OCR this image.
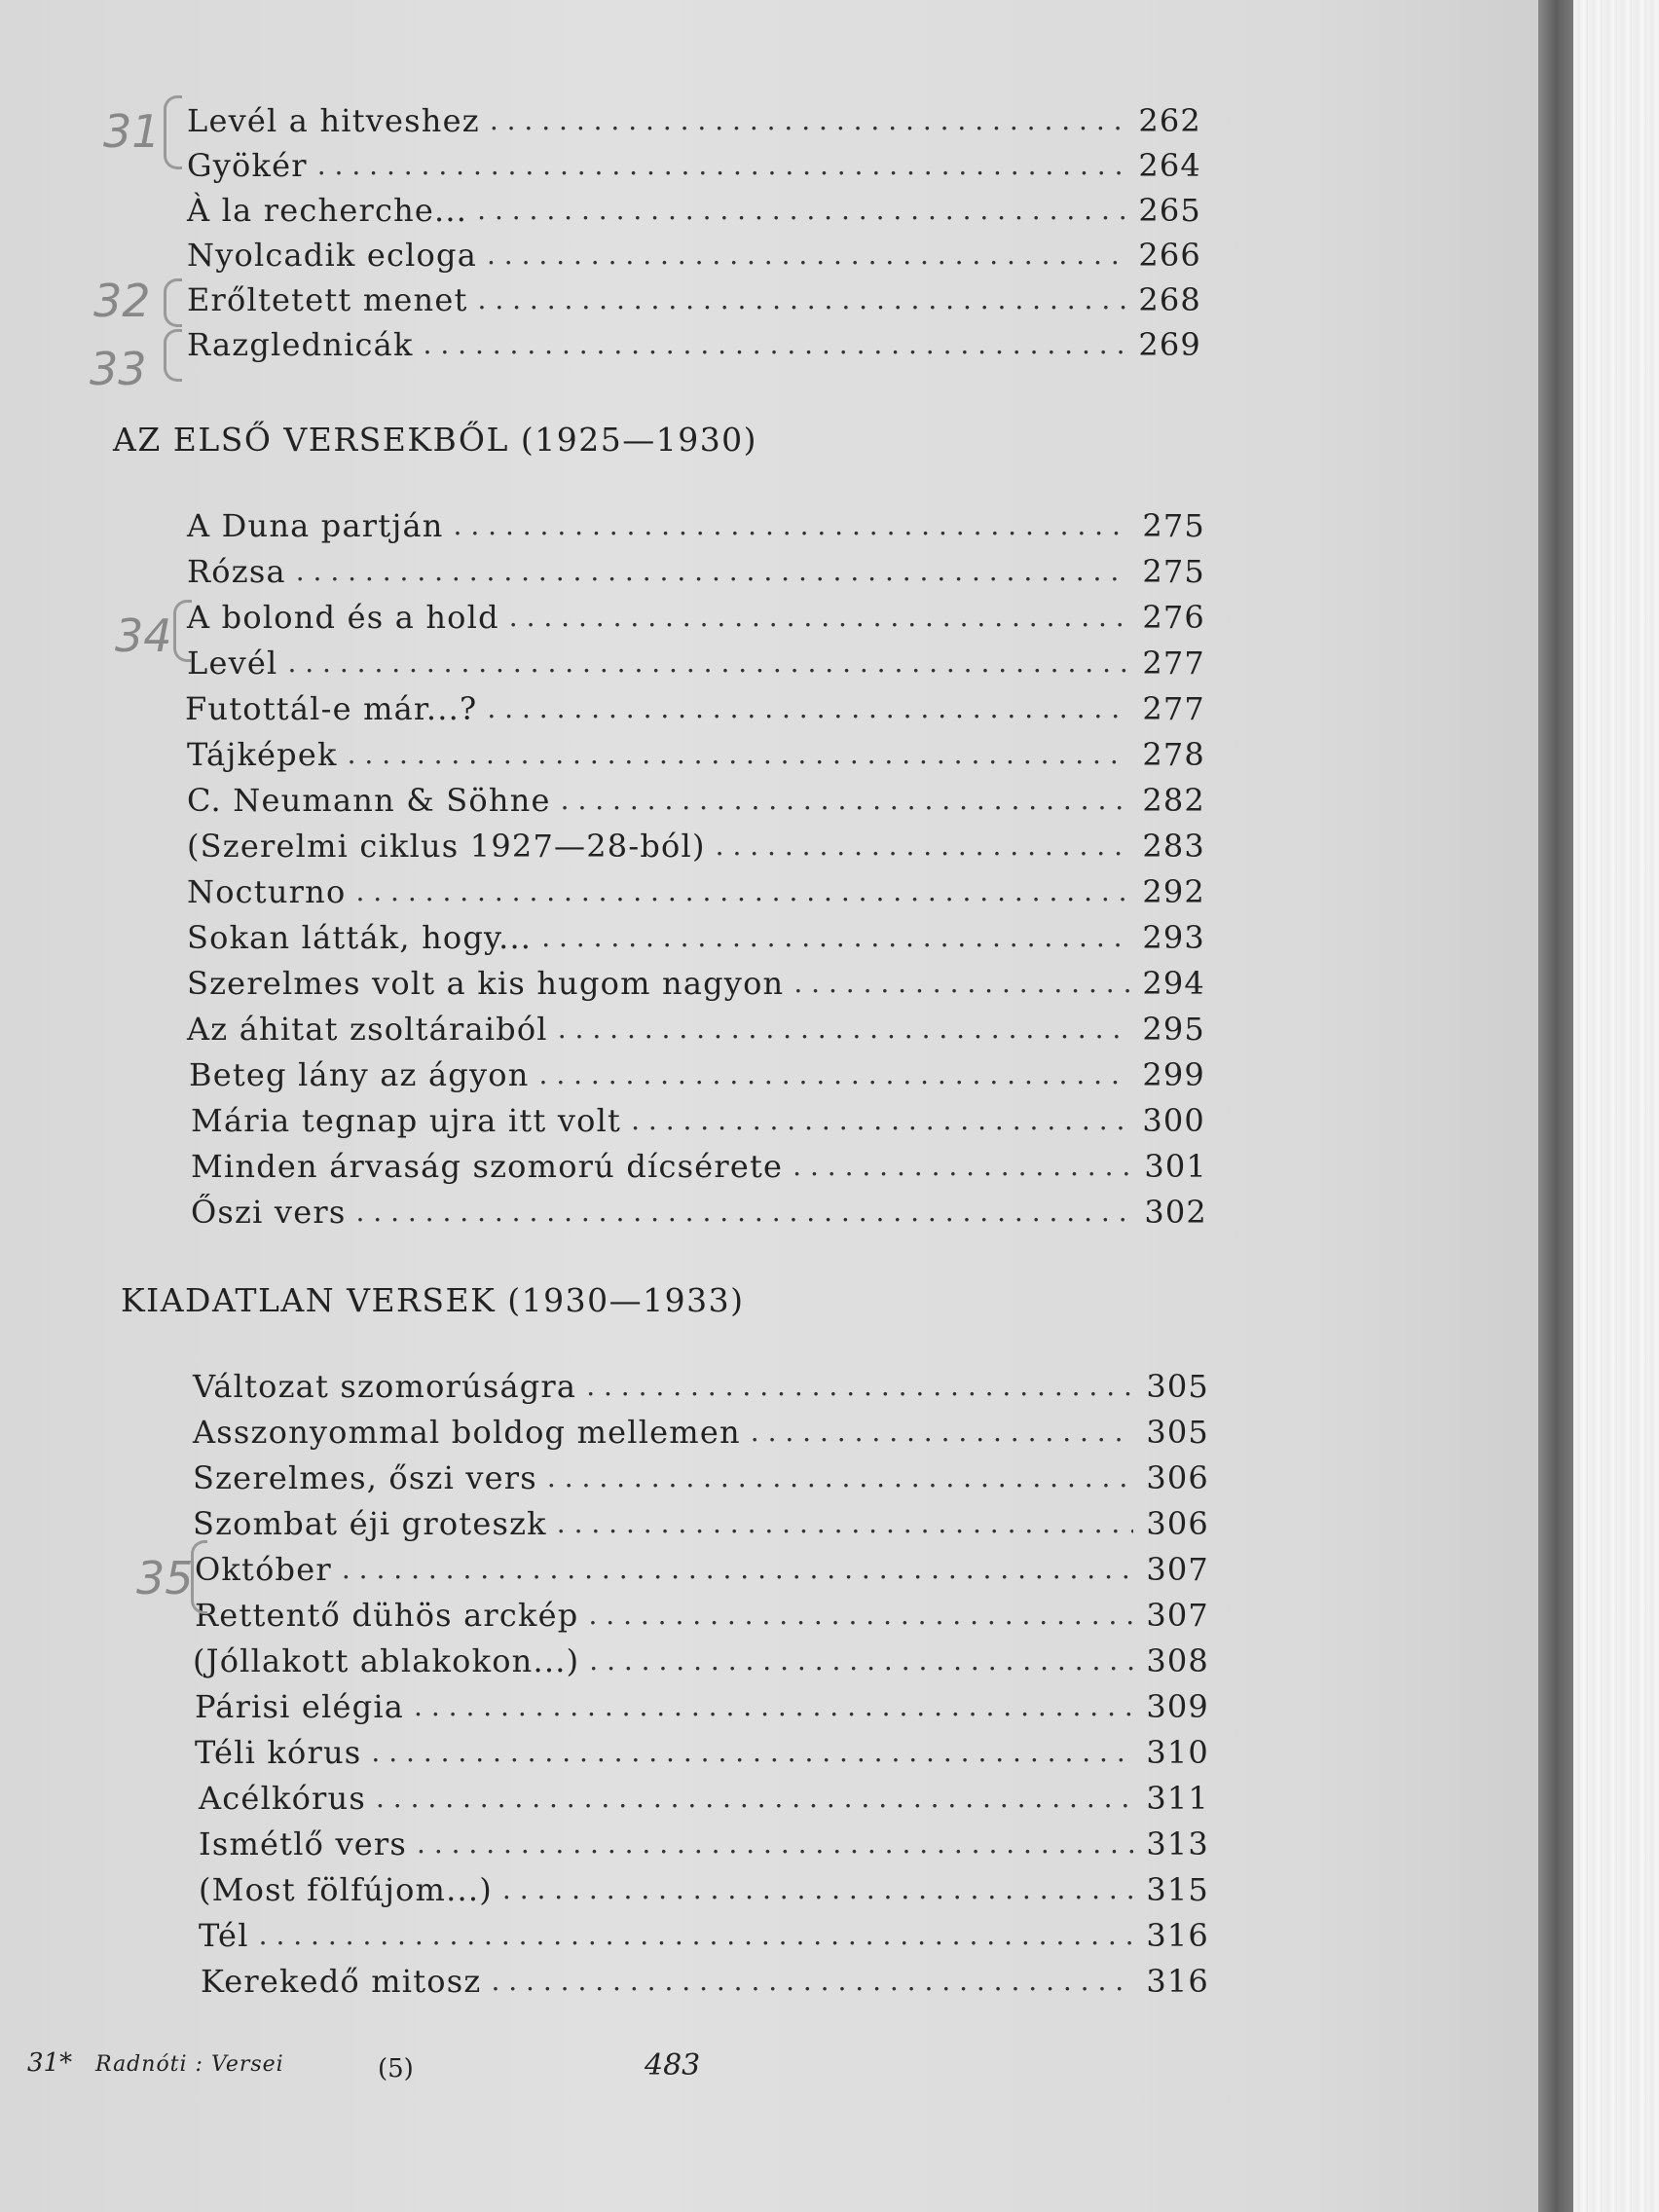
Levél a hitveshez . . .	262
Gyökér . . .	264
À la recherche... . . .	265
Nyolcadik ecloga . . .	266
Erőltetett menet . . .	268
Razglednicák . . .	269
AZ ELSŐ VERSEKBŐL (1925—1930)
A Duna partján . . .	275
Rózsa . . .	275
A bolond és a hold . . .	276
Levél . . .	277
Futottál-e már...? . . .	277
Tájképek . . .	278
C. Neumann & Söhne . . .	282
(Szerelmi ciklus 1927—28-ból) . . .	283
Nocturno . . .	292
Sokan látták, hogy... . . .	293
Szerelmes volt a kis hugom nagyon . . .	294
Az áhitat zsoltáraiból . . .	295
Beteg lány az ágyon . . .	299
Mária tegnap ujra itt volt . . .	300
Minden árvaság szomorú dícsérete . . .	301
Őszi vers . . .	302
KIADATLAN VERSEK (1930—1933)
Változat szomorúságra . . .	305
Asszonyommal boldog mellemen . . .	305
Szerelmes, őszi vers . . .	306
Szombat éji groteszk . . .	306
Október . . .	307
Rettentő dühös arckép . . .	307
(Jóllakott ablakokon...) . . .	308
Párisi elégia . . .	309
Téli kórus . . .	310
Acélkórus . . .	311
Ismétlő vers . . .	313
(Most fölfújom...) . . .	315
Tél . . .	316
Kerekedő mitosz . . .	316
31* Radnóti : Versei	(5)	483
31
32
33
34
35
